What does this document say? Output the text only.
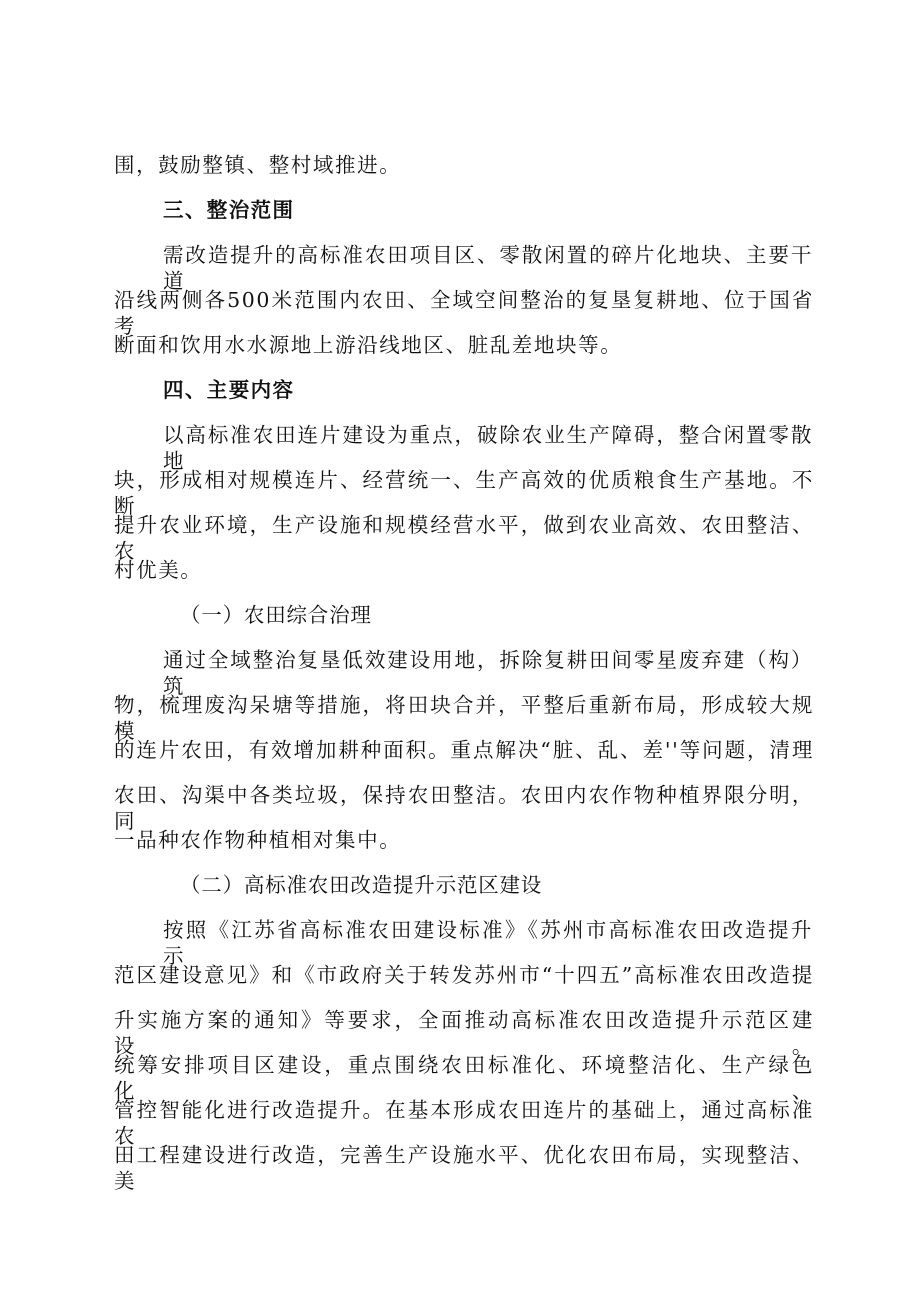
围，鼓励整镇、整村域推进。
三、整治范围
需改造提升的高标准农田项目区、零散闲置的碎片化地块、主要干道
沿线两侧各500米范围内农田、全域空间整治的复垦复耕地、位于国省考
断面和饮用水水源地上游沿线地区、脏乱差地块等。
四、主要内容
以高标准农田连片建设为重点，破除农业生产障碍，整合闲置零散地
块，形成相对规模连片、经营统一、生产高效的优质粮食生产基地。不断
提升农业环境，生产设施和规模经营水平，做到农业高效、农田整洁、农
村优美。
（一）农田综合治理
通过全域整治复垦低效建设用地，拆除复耕田间零星废弃建（构）筑
物，梳理废沟呆塘等措施，将田块合并，平整后重新布局，形成较大规模
的连片农田，有效增加耕种面积。重点解决“脏、乱、差''等问题，清理
农田、沟渠中各类垃圾，保持农田整洁。农田内农作物种植界限分明，同
一品种农作物种植相对集中。
（二）高标准农田改造提升示范区建设
按照《江苏省高标准农田建设标准》《苏州市高标准农田改造提升示
范区建设意见》和《市政府关于转发苏州市“十四五”高标准农田改造提
升实施方案的通知》等要求，全面推动高标准农田改造提升示范区建设。
统筹安排项目区建设，重点围绕农田标准化、环境整洁化、生产绿色化、
管控智能化进行改造提升。在基本形成农田连片的基础上，通过高标准农
田工程建设进行改造，完善生产设施水平、优化农田布局，实现整洁、美
